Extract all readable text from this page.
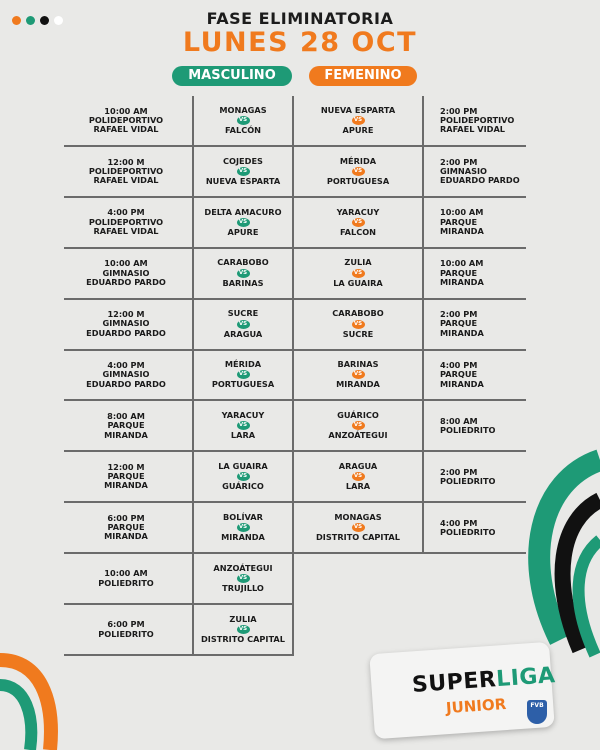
FASE ELIMINATORIA
LUNES 28 OCT
MASCULINO	FEMENINO
10:00 AM
POLIDEPORTIVO
RAFAEL VIDAL
MONAGAS
VS
FALCÓN
NUEVA ESPARTA
VS
APURE
2:00 PM
POLIDEPORTIVO
RAFAEL VIDAL
12:00 M
POLIDEPORTIVO
RAFAEL VIDAL
COJEDES
VS
NUEVA ESPARTA
MÉRIDA
VS
PORTUGUESA
2:00 PM
GIMNASIO
EDUARDO PARDO
4:00 PM
POLIDEPORTIVO
RAFAEL VIDAL
DELTA AMACURO
VS
APURE
YARACUY
VS
FALCON
10:00 AM
PARQUE
MIRANDA
10:00 AM
GIMNASIO
EDUARDO PARDO
CARABOBO
VS
BARINAS
ZULIA
VS
LA GUAIRA
10:00 AM
PARQUE
MIRANDA
12:00 M
GIMNASIO
EDUARDO PARDO
SUCRE
VS
ARAGUA
CARABOBO
VS
SUCRE
2:00 PM
PARQUE
MIRANDA
4:00 PM
GIMNASIO
EDUARDO PARDO
MÉRIDA
VS
PORTUGUESA
BARINAS
VS
MIRANDA
4:00 PM
PARQUE
MIRANDA
8:00 AM
PARQUE
MIRANDA
YARACUY
VS
LARA
GUÁRICO
VS
ANZOÁTEGUI
8:00 AM
POLIEDRITO
12:00 M
PARQUE
MIRANDA
LA GUAIRA
VS
GUÁRICO
ARAGUA
VS
LARA
2:00 PM
POLIEDRITO
6:00 PM
PARQUE
MIRANDA
BOLÍVAR
VS
MIRANDA
MONAGAS
VS
DISTRITO CAPITAL
4:00 PM
POLIEDRITO
10:00 AM
POLIEDRITO
ANZOÁTEGUI
VS
TRUJILLO
6:00 PM
POLIEDRITO
ZULIA
VS
DISTRITO CAPITAL
SUPERLIGA
JUNIOR	FVB
